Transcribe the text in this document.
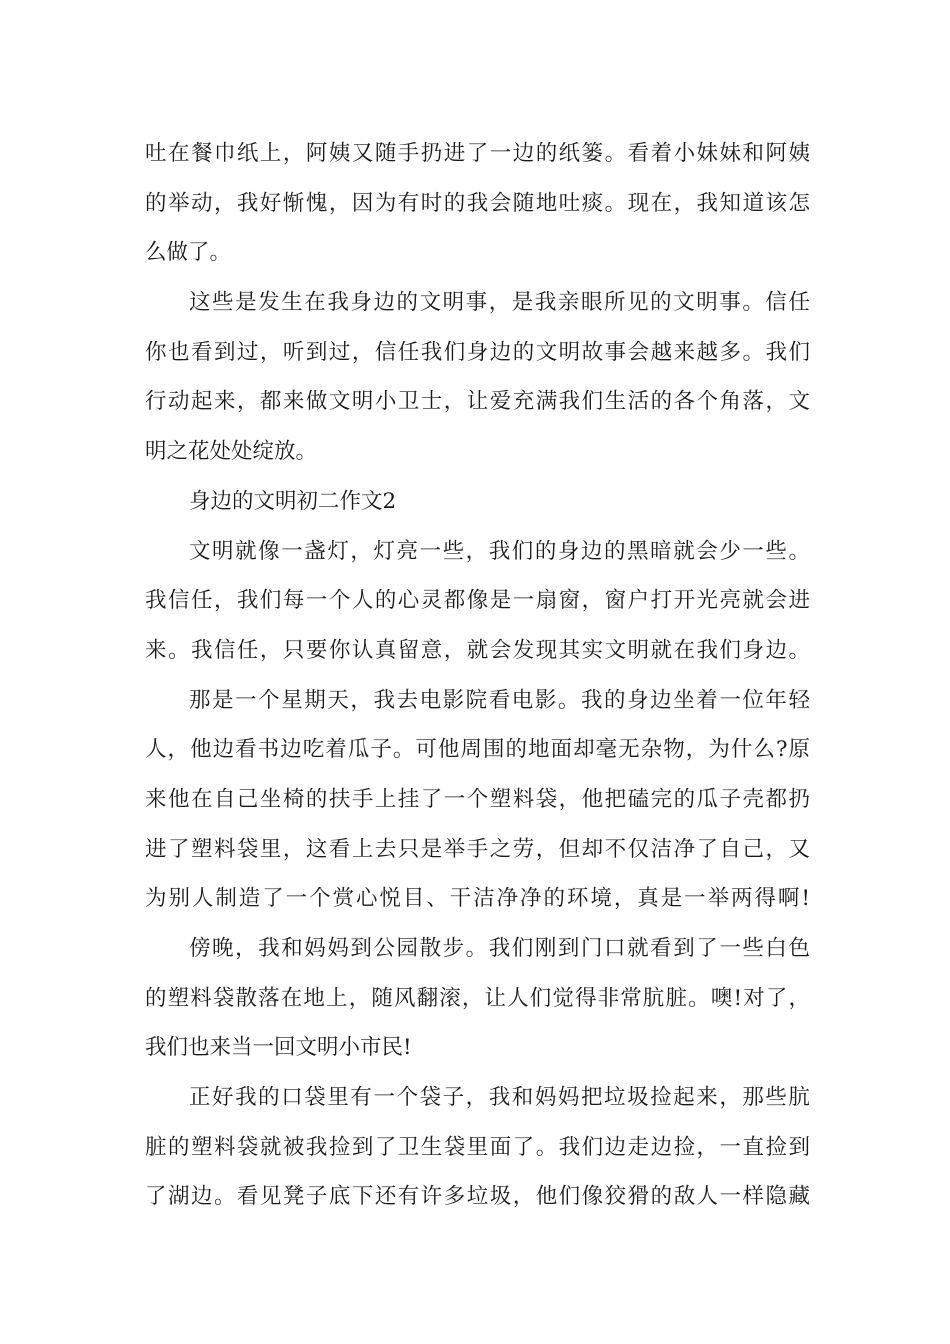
吐在餐巾纸上，阿姨又随手扔进了一边的纸篓。看着小妹妹和阿姨
的举动，我好惭愧，因为有时的我会随地吐痰。现在，我知道该怎
么做了。
这些是发生在我身边的文明事，是我亲眼所见的文明事。信任
你也看到过，听到过，信任我们身边的文明故事会越来越多。我们
行动起来，都来做文明小卫士，让爱充满我们生活的各个角落，文
明之花处处绽放。
身边的文明初二作文2
文明就像一盏灯，灯亮一些，我们的身边的黑暗就会少一些。
我信任，我们每一个人的心灵都像是一扇窗，窗户打开光亮就会进
来。我信任，只要你认真留意，就会发现其实文明就在我们身边。
那是一个星期天，我去电影院看电影。我的身边坐着一位年轻
人，他边看书边吃着瓜子。可他周围的地面却毫无杂物，为什么?原
来他在自己坐椅的扶手上挂了一个塑料袋，他把磕完的瓜子壳都扔
进了塑料袋里，这看上去只是举手之劳，但却不仅洁净了自己，又
为别人制造了一个赏心悦目、干洁净净的环境，真是一举两得啊!
傍晚，我和妈妈到公园散步。我们刚到门口就看到了一些白色
的塑料袋散落在地上，随风翻滚，让人们觉得非常肮脏。噢!对了，
我们也来当一回文明小市民!
正好我的口袋里有一个袋子，我和妈妈把垃圾捡起来，那些肮
脏的塑料袋就被我捡到了卫生袋里面了。我们边走边捡，一直捡到
了湖边。看见凳子底下还有许多垃圾，他们像狡猾的敌人一样隐藏
